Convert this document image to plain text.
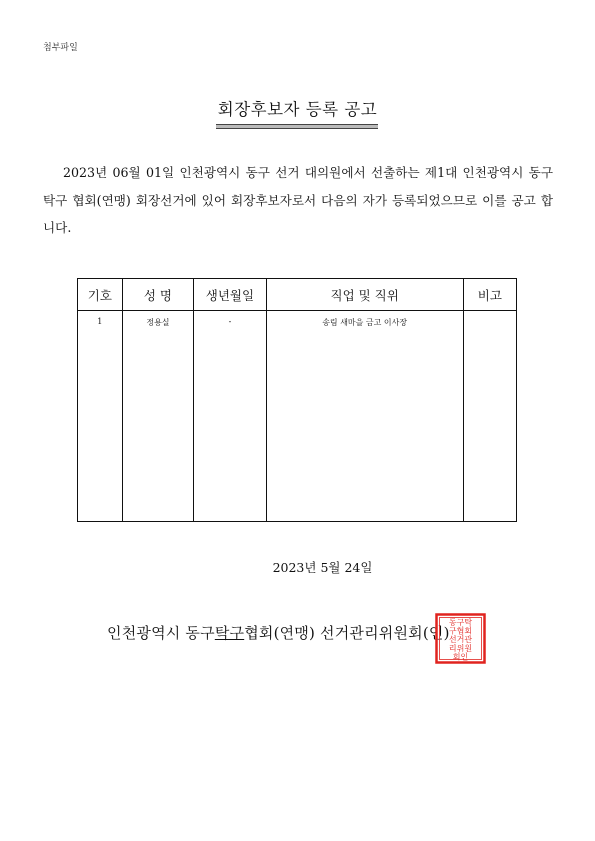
첨부파일
회장후보자 등록 공고
2023년 06월 01일 인천광역시 동구 선거 대의원에서 선출하는 제1대 인천광역시 동구 탁구 협회(연맹) 회장선거에 있어 회장후보자로서 다음의 자가 등록되었으므로 이를 공고 합니다.
기호	성 명	생년월일	직업 및 직위	비고
1	정용실	-	송림 새마을 금고 이사장	
2023년 5월 24일
인천광역시 동구탁구협회(연맹) 선거관리위원회(인)
동구탁
구협회
선거관
리위원
회인
